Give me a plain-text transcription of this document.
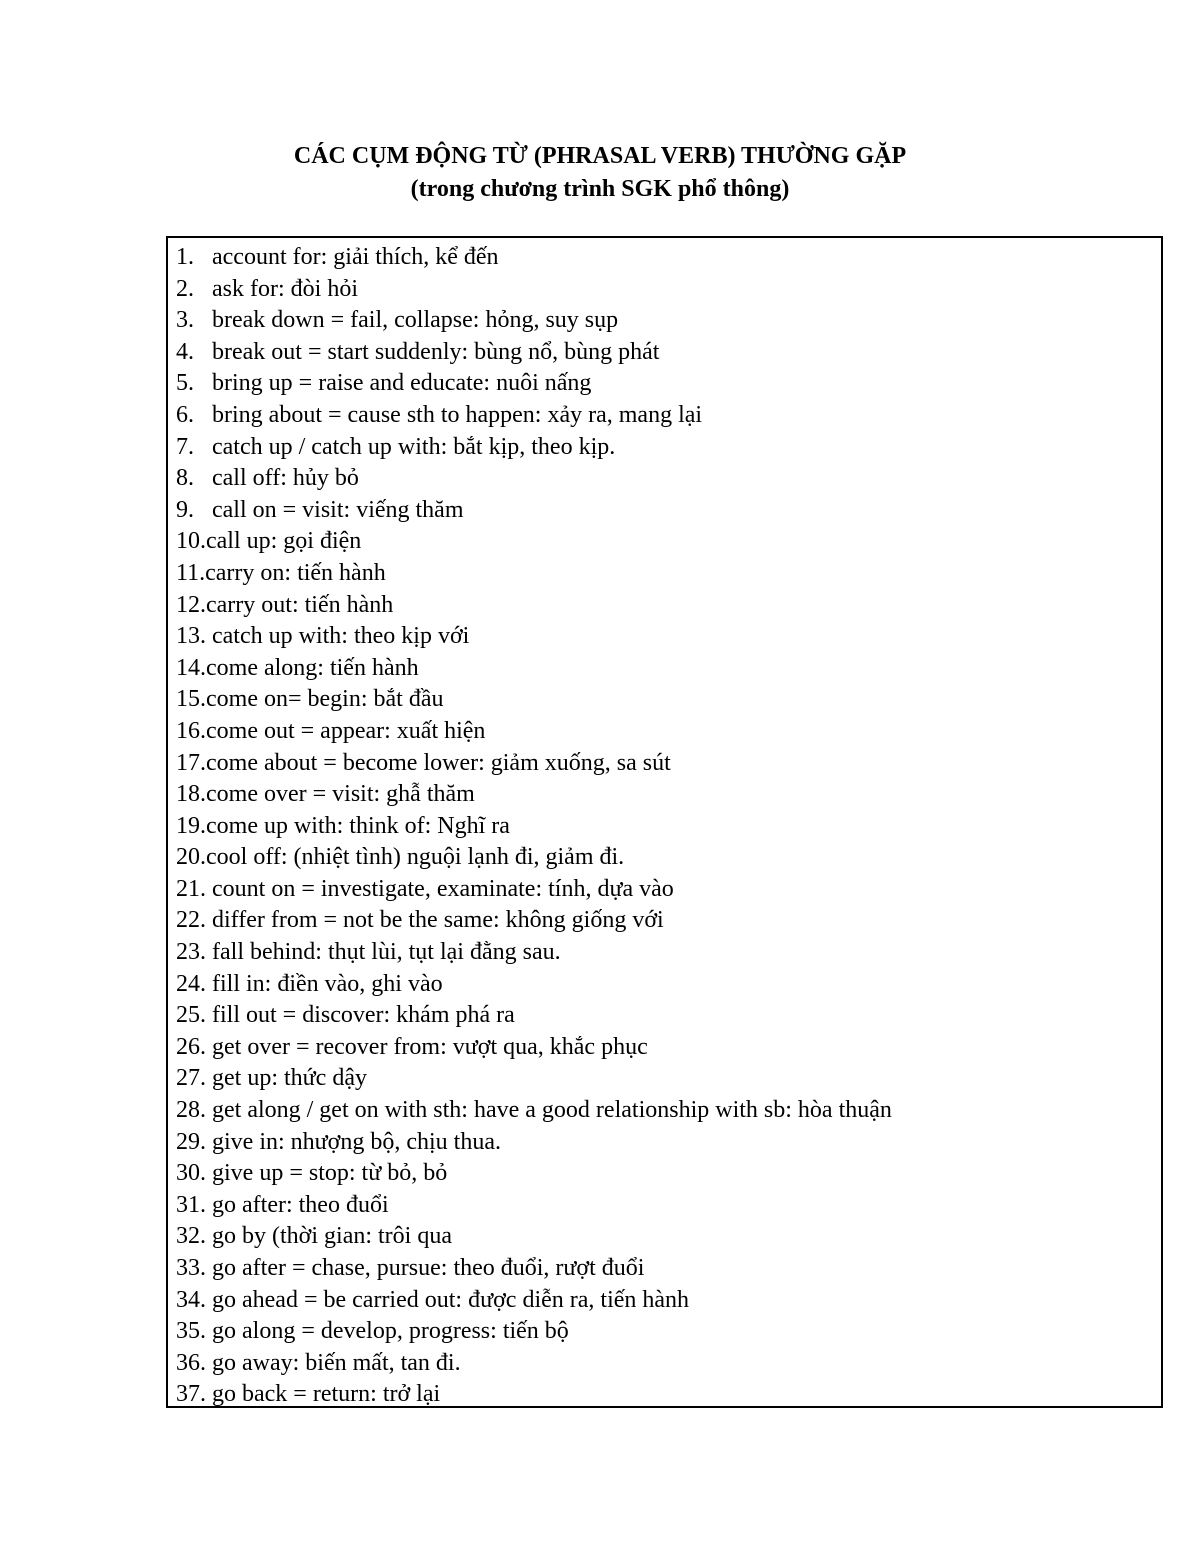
CÁC CỤM ĐỘNG TỪ (PHRASAL VERB) THƯỜNG GẶP
(trong chương trình SGK phổ thông)
1. account for: giải thích, kể đến
2. ask for: đòi hỏi
3. break down = fail, collapse: hỏng, suy sụp
4. break out = start suddenly: bùng nổ, bùng phát
5. bring up = raise and educate: nuôi nấng
6. bring about = cause sth to happen: xảy ra, mang lại
7. catch up / catch up with: bắt kịp, theo kịp.
8. call off: hủy bỏ
9. call on = visit: viếng thăm
10. call up: gọi điện
11. carry on: tiến hành
12. carry out: tiến hành
13. catch up with: theo kịp với
14. come along: tiến hành
15. come on= begin: bắt đầu
16. come out = appear: xuất hiện
17. come about = become lower: giảm xuống, sa sút
18. come over = visit: ghẫ thăm
19. come up with: think of: Nghĩ ra
20. cool off: (nhiệt tình) nguội lạnh đi, giảm đi.
21. count on = investigate, examinate: tính, dựa vào
22. differ from = not be the same: không giống với
23. fall behind: thụt lùi, tụt lại đằng sau.
24. fill in: điền vào, ghi vào
25. fill out = discover: khám phá ra
26. get over = recover from: vượt qua, khắc phục
27. get up: thức dậy
28. get along / get on with sth: have a good relationship with sb: hòa thuận
29. give in: nhượng bộ, chịu thua.
30. give up = stop: từ bỏ, bỏ
31. go after: theo đuổi
32. go by (thời gian: trôi qua
33. go after = chase, pursue: theo đuổi, rượt đuổi
34. go ahead = be carried out: được diễn ra, tiến hành
35. go along = develop, progress: tiến bộ
36. go away: biến mất, tan đi.
37. go back = return: trở lại
